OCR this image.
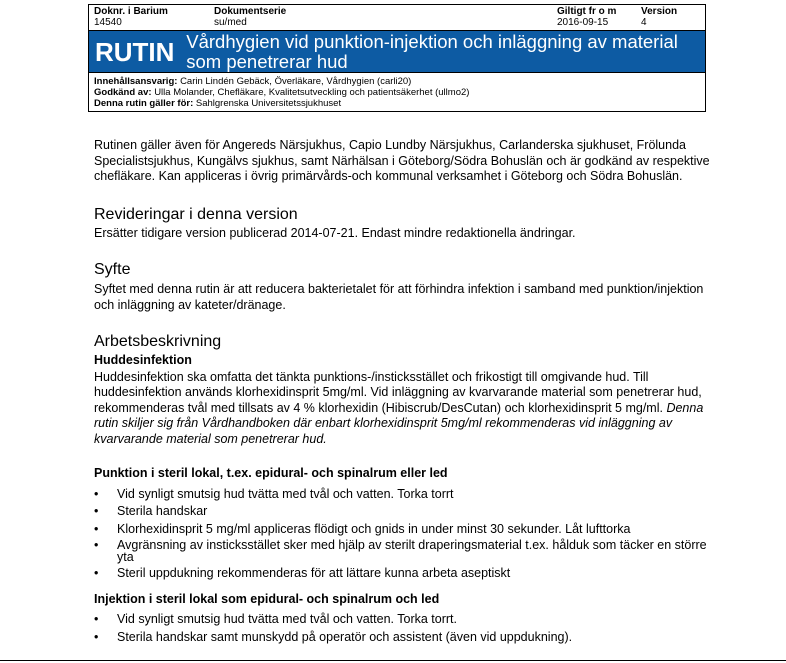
Doknr. i Barium
14540
Dokumentserie
su/med
Giltigt fr o m
2016-09-15
Version
4
RUTIN Vårdhygien vid punktion-injektion och inläggning av material som penetrerar hud
Innehållsansvarig: Carin Lindén Gebäck, Överläkare, Vårdhygien (carli20)
Godkänd av: Ulla Molander, Chefläkare, Kvalitetsutveckling och patientsäkerhet (ullmo2)
Denna rutin gäller för: Sahlgrenska Universitetssjukhuset

Rutinen gäller även för Angereds Närsjukhus, Capio Lundby Närsjukhus, Carlanderska sjukhuset, Frölunda Specialistsjukhus, Kungälvs sjukhus, samt Närhälsan i Göteborg/Södra Bohuslän och är godkänd av respektive chefläkare. Kan appliceras i övrig primärvårds-och kommunal verksamhet i Göteborg och Södra Bohuslän.

Revideringar i denna version

Ersätter tidigare version publicerad 2014-07-21. Endast mindre redaktionella ändringar.

Syfte

Syftet med denna rutin är att reducera bakterietalet för att förhindra infektion i samband med punktion/injektion och inläggning av kateter/dränage.

Arbetsbeskrivning
Huddesinfektion

Huddesinfektion ska omfatta det tänkta punktions-/insticksstället och frikostigt till omgivande hud. Till huddesinfektion används klorhexidinsprit 5mg/ml. Vid inläggning av kvarvarande material som penetrerar hud, rekommenderas tvål med tillsats av 4 % klorhexidin (Hibiscrub/DesCutan) och klorhexidinsprit 5 mg/ml. Denna rutin skiljer sig från Vårdhandboken där enbart klorhexidinsprit 5mg/ml rekommenderas vid inläggning av kvarvarande material som penetrerar hud.

Punktion i steril lokal, t.ex. epidural- och spinalrum eller led
• Vid synligt smutsig hud tvätta med tvål och vatten. Torka torrt
• Sterila handskar
• Klorhexidinsprit 5 mg/ml appliceras flödigt och gnids in under minst 30 sekunder. Låt lufttorka
• Avgränsning av insticksstället sker med hjälp av sterilt draperingsmaterial t.ex. hålduk som täcker en större yta
• Steril uppdukning rekommenderas för att lättare kunna arbeta aseptiskt
Injektion i steril lokal som epidural- och spinalrum och led
• Vid synligt smutsig hud tvätta med tvål och vatten. Torka torrt.
• Sterila handskar samt munskydd på operatör och assistent (även vid uppdukning).
